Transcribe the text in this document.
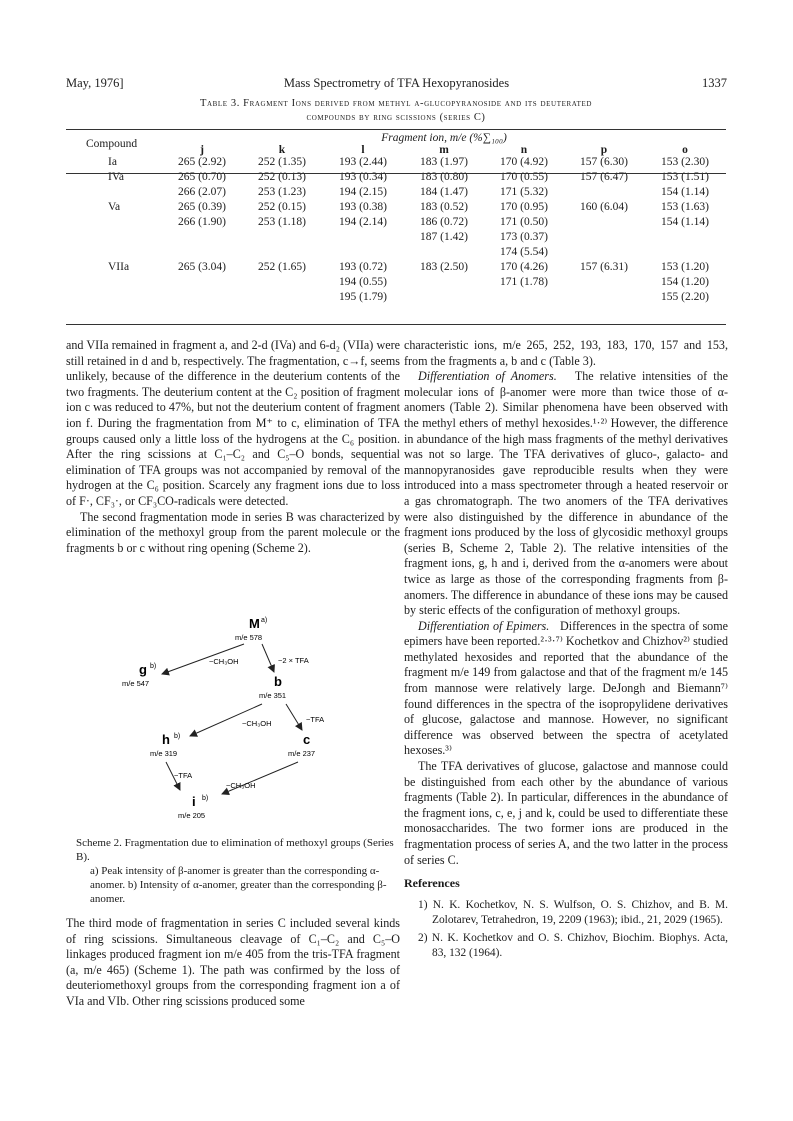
May, 1976]	Mass Spectrometry of TFA Hexopyranosides	1337
Table 3. Fragment Ions derived from methyl α-glucopyranoside and its deuterated
compounds by ring scissions (series C)
Compound	Fragment ion, m/e (%∑₁₀₀)						
	j	k	l	m	n	p	o
Ia	265 (2.92)	252 (1.35)	193 (2.44)	183 (1.97)	170 (4.92)	157 (6.30)	153 (2.30)
IVa	265 (0.70)	252 (0.13)	193 (0.34)	183 (0.80)	170 (0.55)	157 (6.47)	153 (1.51)
	266 (2.07)	253 (1.23)	194 (2.15)	184 (1.47)	171 (5.32)		154 (1.14)
Va	265 (0.39)	252 (0.15)	193 (0.38)	183 (0.52)	170 (0.95)	160 (6.04)	153 (1.63)
	266 (1.90)	253 (1.18)	194 (2.14)	186 (0.72)	171 (0.50)		154 (1.14)
				187 (1.42)	173 (0.37)		
					174 (5.54)		
VIIa	265 (3.04)	252 (1.65)	193 (0.72)	183 (2.50)	170 (4.26)	157 (6.31)	153 (1.20)
			194 (0.55)		171 (1.78)		154 (1.20)
			195 (1.79)				155 (2.20)

and VIIa remained in fragment a, and 2-d (IVa) and 6-d₂ (VIIa) were still retained in d and b, respectively. The fragmentation, c→f, seems unlikely, because of the difference in the deuterium contents of the two fragments. The deuterium content at the C₂ position of fragment ion c was reduced to 47%, but not the deuterium content of fragment ion f. During the fragmentation from M⁺ to c, elimination of TFA groups caused only a little loss of the hydrogens at the C₆ position. After the ring scissions at C₁–C₂ and C₅–O bonds, sequential elimination of TFA groups was not accompanied by removal of the hydrogen at the C₆ position. Scarcely any fragment ions due to loss of F·, CF₃·, or CF₃CO-radicals were detected.

The second fragmentation mode in series B was characterized by elimination of the methoxyl group from the parent molecule or the fragments b or c without ring opening (Scheme 2).

M a)
m/e 578
−CH₃OH	−2 × TFA
g b)
m/e 547	b
m/e 351
−CH₃OH	−TFA
h b)
m/e 319
c
m/e 237
−TFA
−CH₃OH
i b)
m/e 205
Scheme 2. Fragmentation due to elimination of methoxyl groups (Series B).

a) Peak intensity of β-anomer is greater than the corresponding α-anomer. b) Intensity of α-anomer, greater than the corresponding β-anomer.

The third mode of fragmentation in series C included several kinds of ring scissions. Simultaneous cleavage of C₁–C₂ and C₅–O linkages produced fragment ion m/e 405 from the tris-TFA fragment (a, m/e 465) (Scheme 1). The path was confirmed by the loss of deuteriomethoxyl groups from the corresponding fragment ion a of VIa and VIb. Other ring scissions produced some

characteristic ions, m/e 265, 252, 193, 183, 170, 157 and 153, from the fragments a, b and c (Table 3).

Differentiation of Anomers. The relative intensities of the molecular ions of β-anomer were more than twice those of α-anomers (Table 2). Similar phenomena have been observed with the methyl ethers of methyl hexosides.¹·²⁾ However, the difference in abundance of the high mass fragments of the methyl derivatives was not so large. The TFA derivatives of gluco-, galacto- and mannopyranosides gave reproducible results when they were introduced into a mass spectrometer through a heated reservoir or a gas chromatograph. The two anomers of the TFA derivatives were also distinguished by the difference in abundance of the fragment ions produced by the loss of glycosidic methoxyl groups (series B, Scheme 2, Table 2). The relative intensities of the fragment ions, g, h and i, derived from the α-anomers were about twice as large as those of the corresponding fragments from β-anomers. The difference in abundance of these ions may be caused by steric effects of the configuration of methoxyl groups.

Differentiation of Epimers. Differences in the spectra of some epimers have been reported.²·³·⁷⁾ Kochetkov and Chizhov²⁾ studied methylated hexosides and reported that the abundance of the fragment m/e 149 from galactose and that of the fragment m/e 145 from mannose were relatively large. DeJongh and Biemann⁷⁾ found differences in the spectra of the isopropylidene derivatives of glucose, galactose and mannose. However, no significant difference was observed between the spectra of acetylated hexoses.³⁾

The TFA derivatives of glucose, galactose and mannose could be distinguished from each other by the abundance of various fragments (Table 2). In particular, differences in the abundance of the fragment ions, c, e, j and k, could be used to differentiate these monosaccharides. The two former ions are produced in the fragmentation process of series A, and the two latter in the process of series C.

References

1) N. K. Kochetkov, N. S. Wulfson, O. S. Chizhov, and B. M. Zolotarev, Tetrahedron, 19, 2209 (1963); ibid., 21, 2029 (1965).

2) N. K. Kochetkov and O. S. Chizhov, Biochim. Biophys. Acta, 83, 132 (1964).
